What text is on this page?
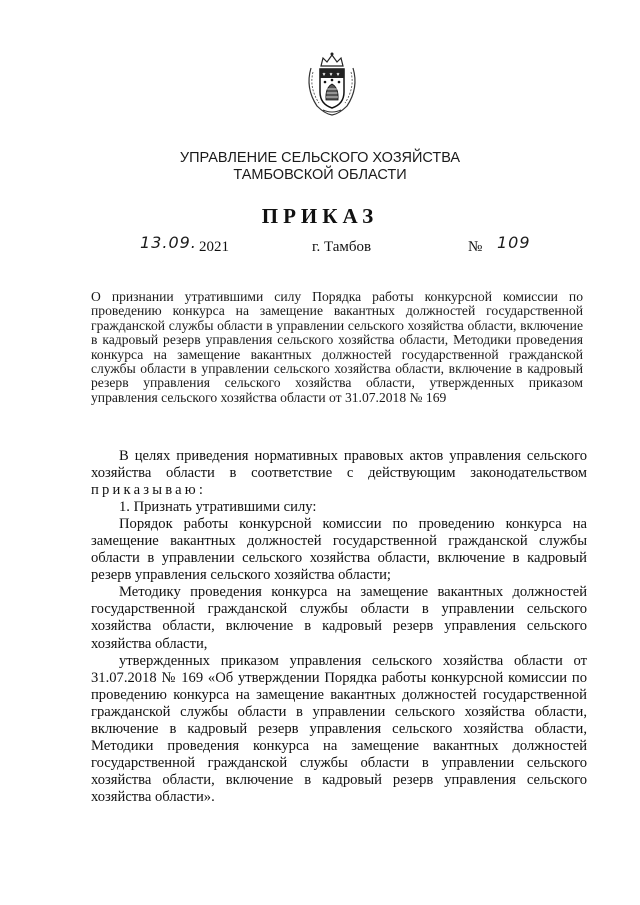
УПРАВЛЕНИЕ СЕЛЬСКОГО ХОЗЯЙСТВА
ТАМБОВСКОЙ ОБЛАСТИ
ПРИКАЗ
13.09. 2021	г. Тамбов	№ 109
О признании утратившими силу Порядка работы конкурсной комиссии по проведению конкурса на замещение вакантных должностей государственной гражданской службы области в управлении сельского хозяйства области, включение в кадровый резерв управления сельского хозяйства области, Методики проведения конкурса на замещение вакантных должностей государственной гражданской службы области в управлении сельского хозяйства области, включение в кадровый резерв управления сельского хозяйства области, утвержденных приказом управления сельского хозяйства области от 31.07.2018 № 169

В целях приведения нормативных правовых актов управления сельского хозяйства области в соответствие с действующим законодательством приказываю:

1. Признать утратившими силу:

Порядок работы конкурсной комиссии по проведению конкурса на замещение вакантных должностей государственной гражданской службы области в управлении сельского хозяйства области, включение в кадровый резерв управления сельского хозяйства области;

Методику проведения конкурса на замещение вакантных должностей государственной гражданской службы области в управлении сельского хозяйства области, включение в кадровый резерв управления сельского хозяйства области,

утвержденных приказом управления сельского хозяйства области от 31.07.2018 № 169 «Об утверждении Порядка работы конкурсной комиссии по проведению конкурса на замещение вакантных должностей государственной гражданской службы области в управлении сельского хозяйства области, включение в кадровый резерв управления сельского хозяйства области, Методики проведения конкурса на замещение вакантных должностей государственной гражданской службы области в управлении сельского хозяйства области, включение в кадровый резерв управления сельского хозяйства области».
